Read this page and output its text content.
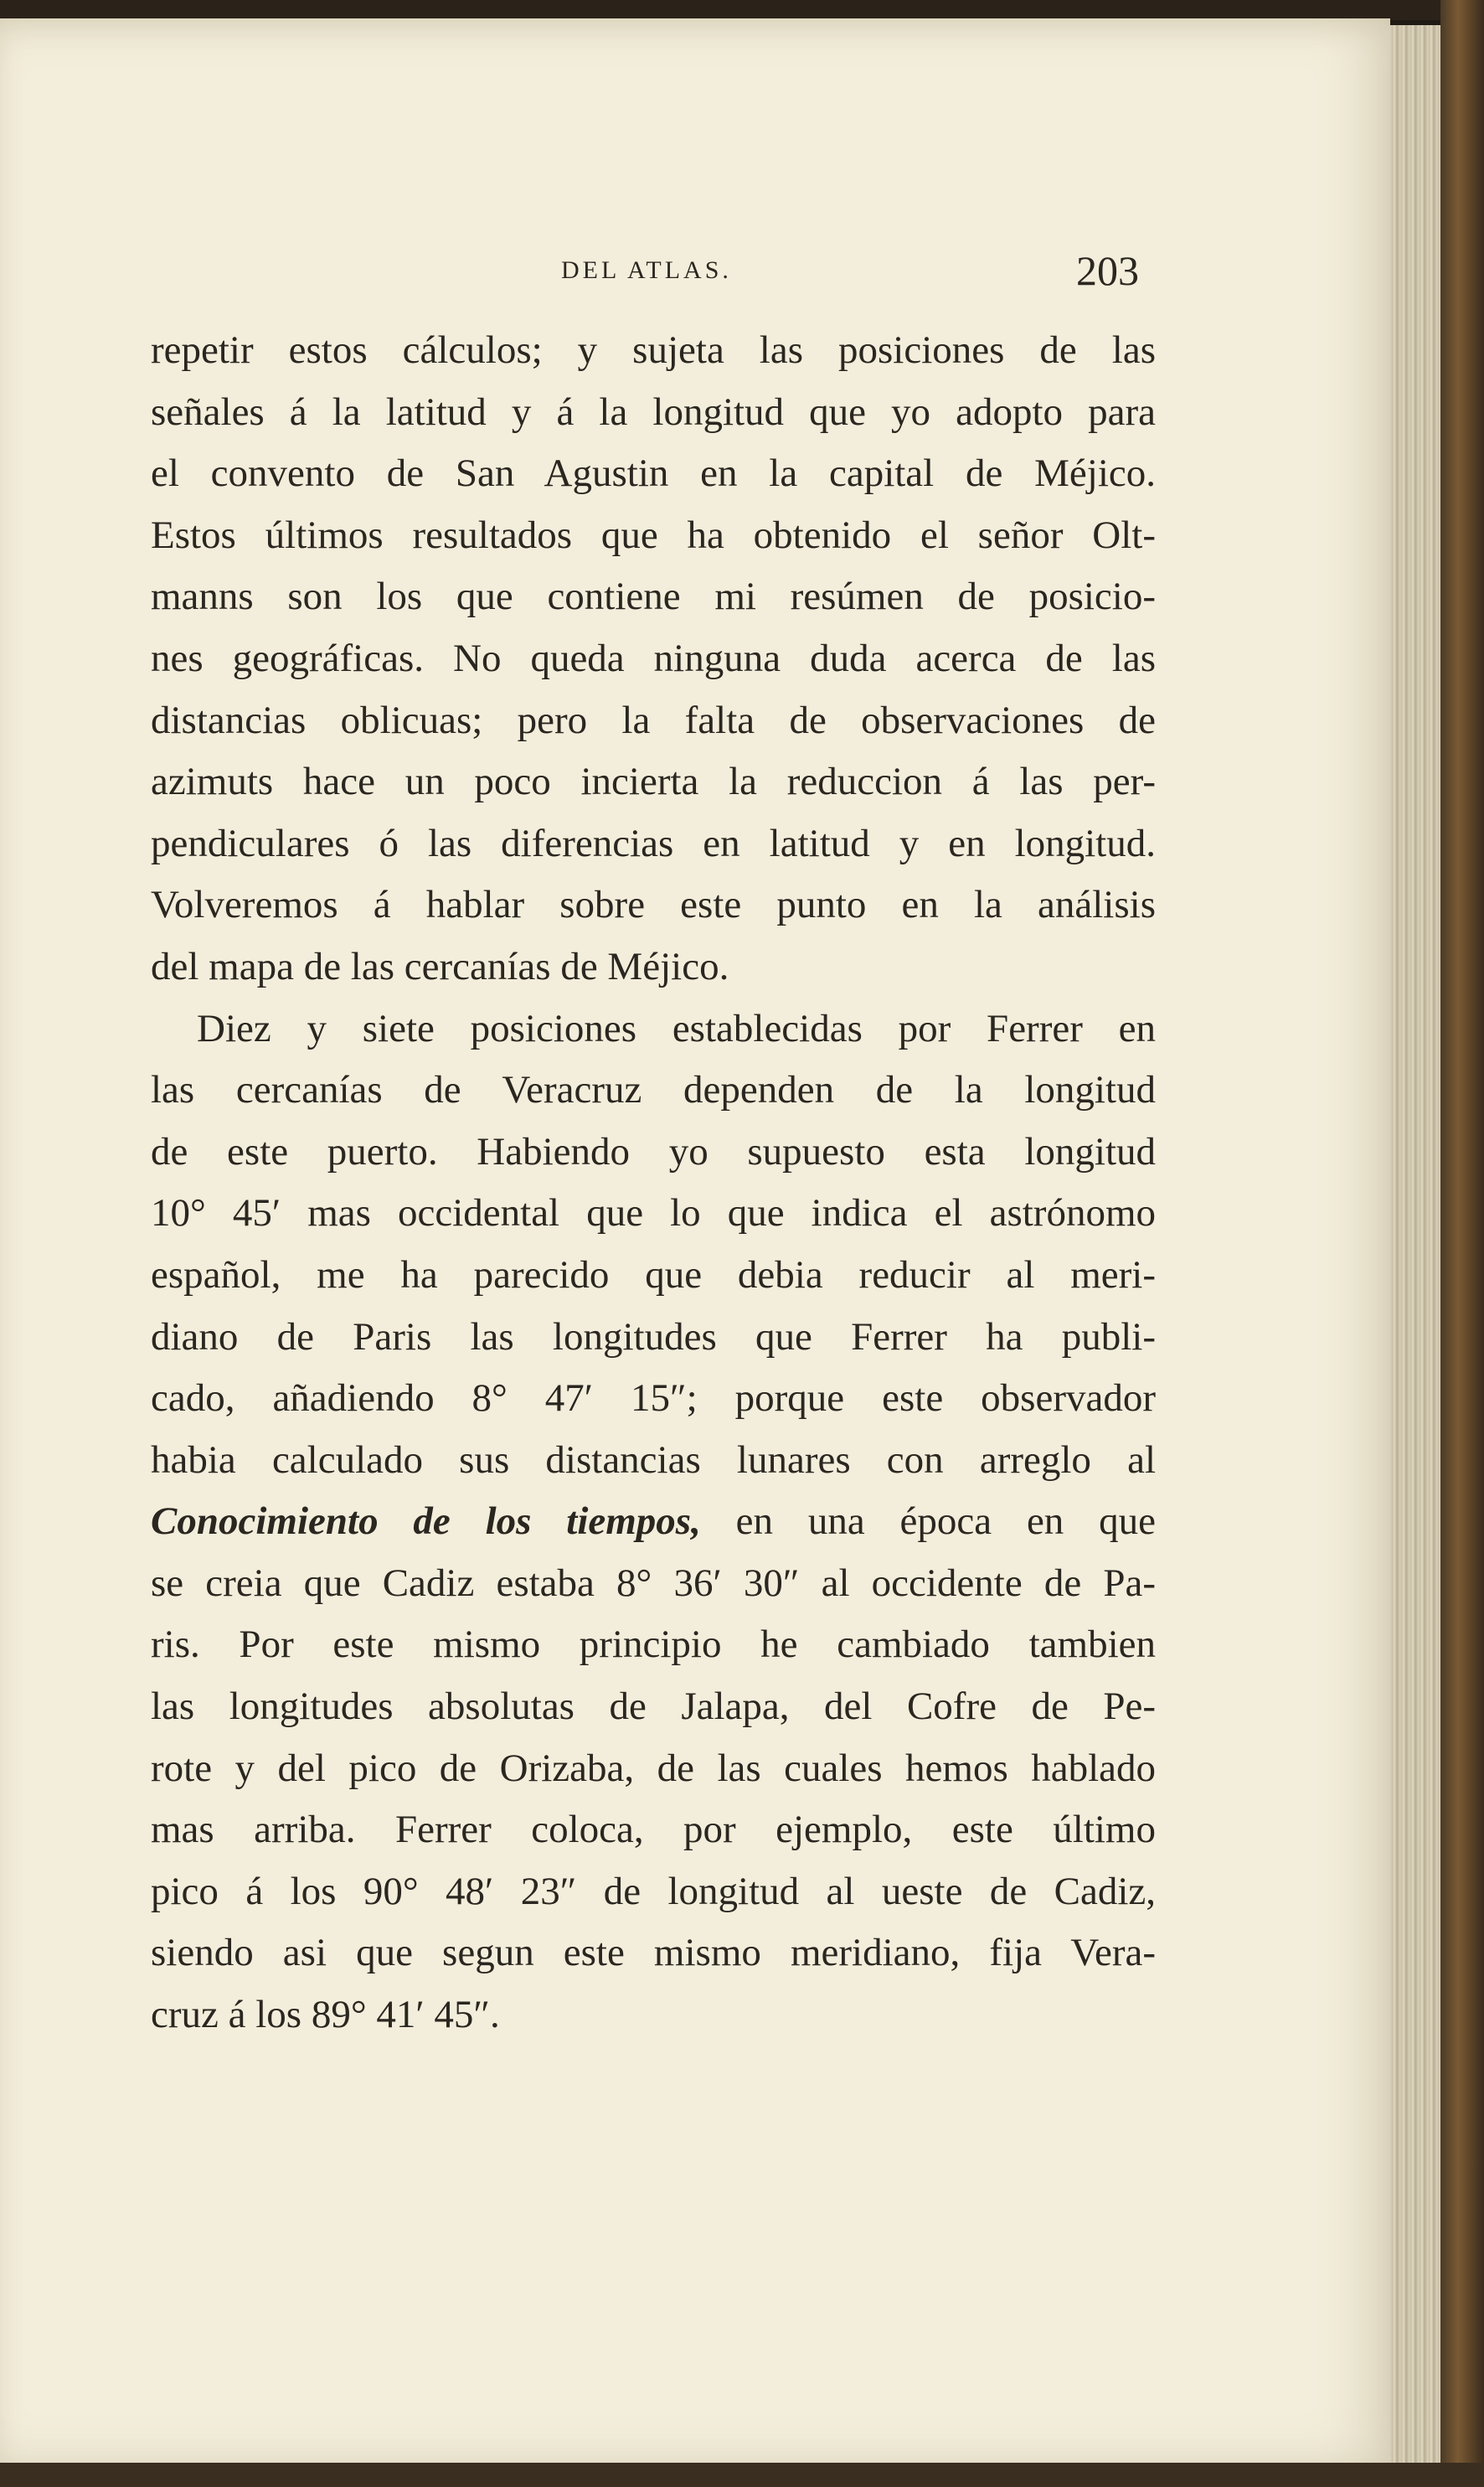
DEL ATLAS.	203
repetir estos cálculos; y sujeta las posiciones de las
señales á la latitud y á la longitud que yo adopto para
el convento de San Agustin en la capital de Méjico.
Estos últimos resultados que ha obtenido el señor Olt-
manns son los que contiene mi resúmen de posicio-
nes geográficas. No queda ninguna duda acerca de las
distancias oblicuas; pero la falta de observaciones de
azimuts hace un poco incierta la reduccion á las per-
pendiculares ó las diferencias en latitud y en longitud.
Volveremos á hablar sobre este punto en la análisis
del mapa de las cercanías de Méjico.
Diez y siete posiciones establecidas por Ferrer en
las cercanías de Veracruz dependen de la longitud
de este puerto. Habiendo yo supuesto esta longitud
10° 45′ mas occidental que lo que indica el astrónomo
español, me ha parecido que debia reducir al meri-
diano de Paris las longitudes que Ferrer ha publi-
cado, añadiendo 8° 47′ 15″; porque este observador
habia calculado sus distancias lunares con arreglo al
Conocimiento de los tiempos, en una época en que
se creia que Cadiz estaba 8° 36′ 30″ al occidente de Pa-
ris. Por este mismo principio he cambiado tambien
las longitudes absolutas de Jalapa, del Cofre de Pe-
rote y del pico de Orizaba, de las cuales hemos hablado
mas arriba. Ferrer coloca, por ejemplo, este último
pico á los 90° 48′ 23″ de longitud al ueste de Cadiz,
siendo asi que segun este mismo meridiano, fija Vera-
cruz á los 89° 41′ 45″.
